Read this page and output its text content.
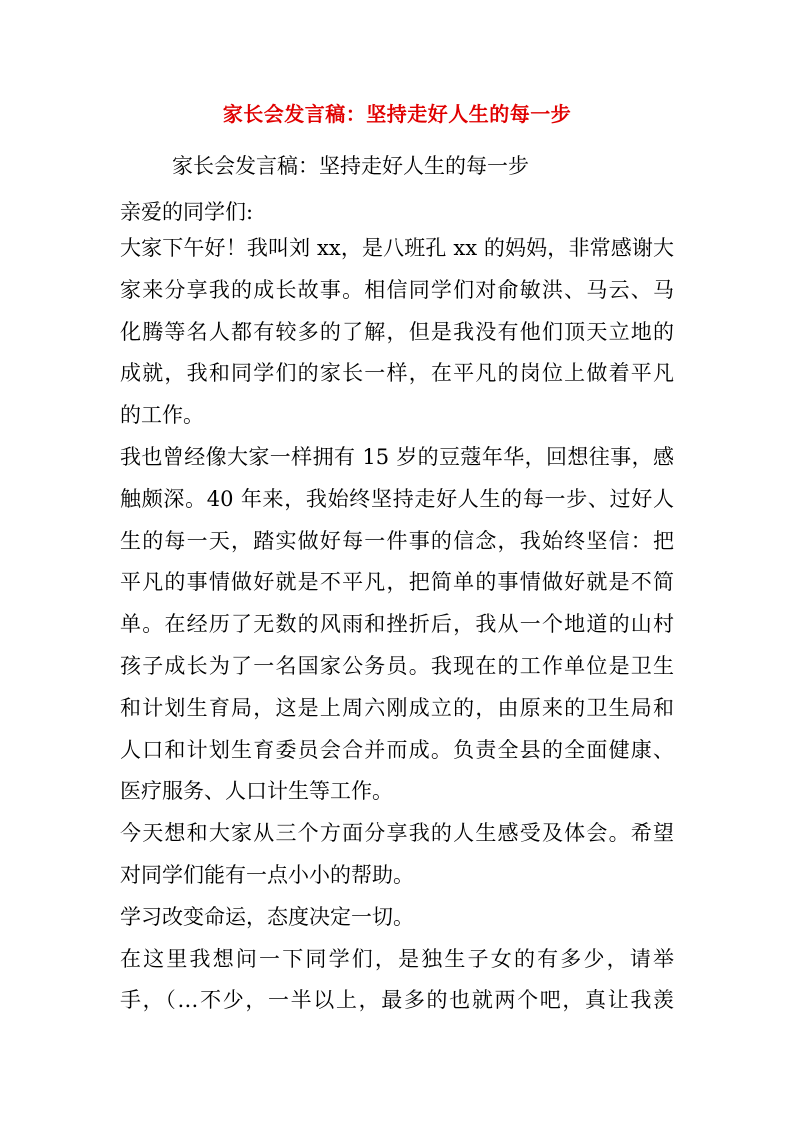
家长会发言稿：坚持走好人生的每一步
家长会发言稿：坚持走好人生的每一步
亲爱的同学们:
大家下午好！我叫刘 xx，是八班孔 xx 的妈妈，非常感谢大
家来分享我的成长故事。相信同学们对俞敏洪、马云、马
化腾等名人都有较多的了解，但是我没有他们顶天立地的
成就，我和同学们的家长一样，在平凡的岗位上做着平凡
的工作。
我也曾经像大家一样拥有 15 岁的豆蔻年华，回想往事，感
触颇深。40 年来，我始终坚持走好人生的每一步、过好人
生的每一天，踏实做好每一件事的信念，我始终坚信：把
平凡的事情做好就是不平凡，把简单的事情做好就是不简
单。在经历了无数的风雨和挫折后，我从一个地道的山村
孩子成长为了一名国家公务员。我现在的工作单位是卫生
和计划生育局，这是上周六刚成立的，由原来的卫生局和
人口和计划生育委员会合并而成。负责全县的全面健康、
医疗服务、人口计生等工作。
今天想和大家从三个方面分享我的人生感受及体会。希望
对同学们能有一点小小的帮助。
学习改变命运，态度决定一切。
在这里我想问一下同学们，是独生子女的有多少，请举
手，（…不少，一半以上，最多的也就两个吧，真让我羡
